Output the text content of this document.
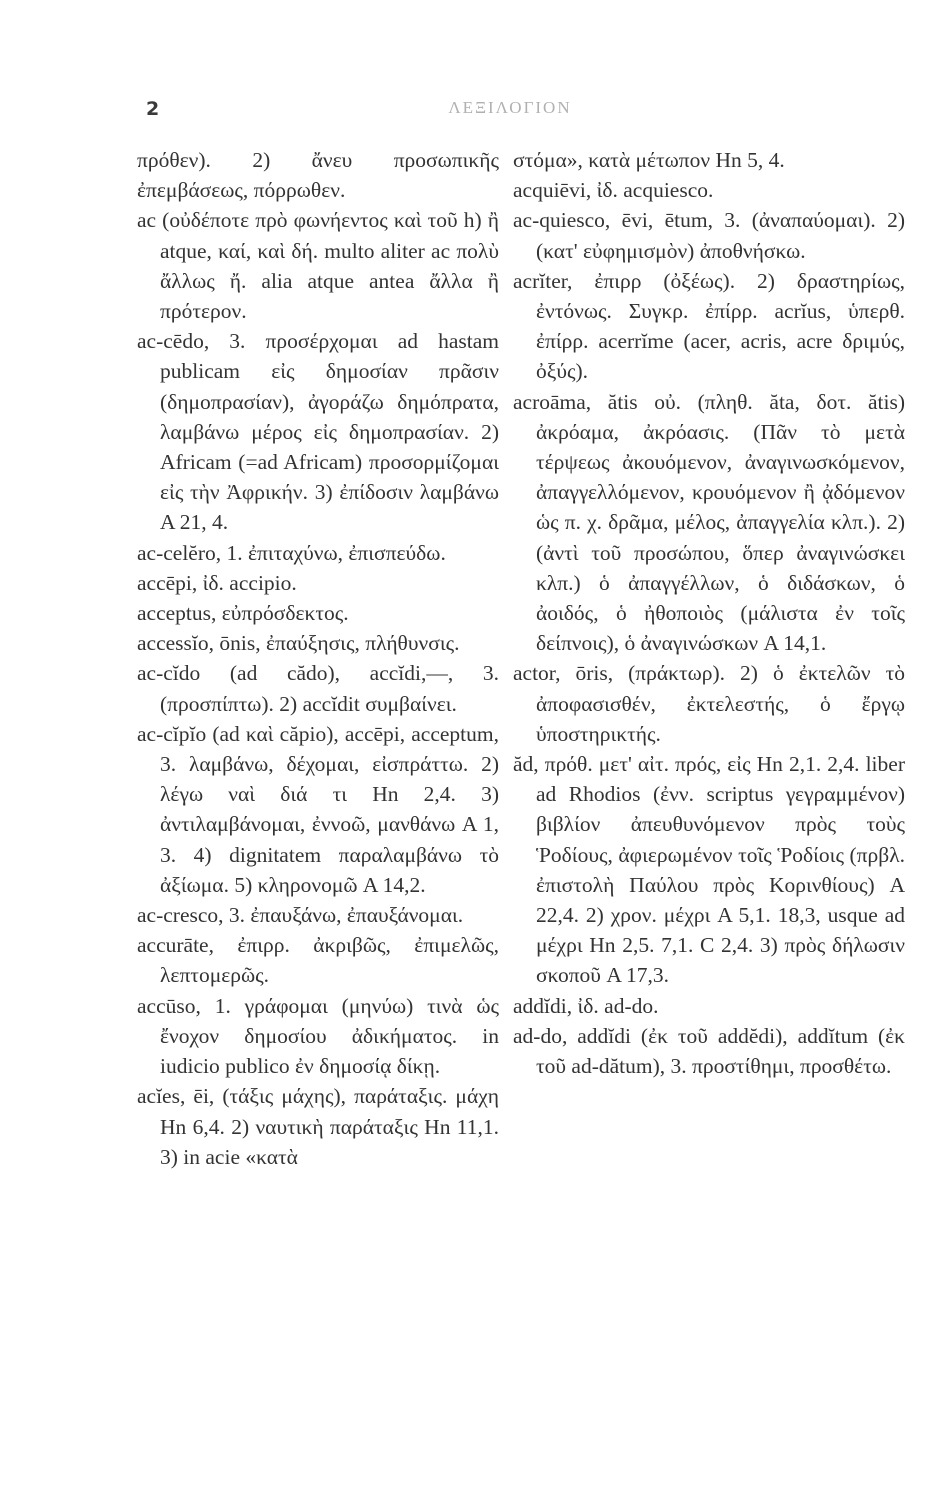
2	ΛΕΞΙΛΟΓΙΟΝ

πρόθεν). 2) ἄνευ προσωπικῆς ἐπεμβάσεως, πόρρωθεν.

ac (οὐδέποτε πρὸ φωνήεντος καὶ τοῦ h) ἢ atque, καί, καὶ δή. multo aliter ac πολὺ ἄλλως ἤ. alia atque antea ἄλλα ἢ πρότερον.

ac-cēdo, 3. προσέρχομαι ad hastam publicam εἰς δημοσίαν πρᾶσιν (δημοπρασίαν), ἀγοράζω δημόπρατα, λαμβάνω μέρος εἰς δημοπρασίαν. 2) Africam (=ad Africam) προσορμίζομαι εἰς τὴν Ἀφρικήν. 3) ἐπίδοσιν λαμβάνω A 21, 4.

ac-celĕro, 1. ἐπιταχύνω, ἐπισπεύδω.

accēpi, ἰδ. accipio.

acceptus, εὐπρόσδεκτος.

accessĭo, ōnis, ἐπαύξησις, πλήθυνσις.

ac-cĭdo (ad cădo), accĭdi,—, 3. (προσπίπτω). 2) accĭdit συμβαίνει.

ac-cĭpĭo (ad καὶ căpio), accēpi, acceptum, 3. λαμβάνω, δέχομαι, εἰσπράττω. 2) λέγω ναὶ διά τι Hn 2,4. 3) ἀντιλαμβάνομαι, ἐννοῶ, μανθάνω A 1, 3. 4) dignitatem παραλαμβάνω τὸ ἀξίωμα. 5) κληρονομῶ A 14,2.

ac-cresco, 3. ἐπαυξάνω, ἐπαυξάνομαι.

accurāte, ἐπιρρ. ἀκριβῶς, ἐπιμελῶς, λεπτομερῶς.

accūso, 1. γράφομαι (μηνύω) τινὰ ὡς ἔνοχον δημοσίου ἀδικήματος. in iudicio publico ἐν δημοσίᾳ δίκῃ.

acĭes, ēi, (τάξις μάχης), παράταξις. μάχη Hn 6,4. 2) ναυτικὴ παράταξις Hn 11,1. 3) in acie «κατὰ

στόμα», κατὰ μέτωπον Hn 5, 4.

acquiēvi, ἰδ. acquiesco.

ac-quiesco, ēvi, ētum, 3. (ἀναπαύομαι). 2) (κατ' εὐφημισμὸν) ἀποθνήσκω.

acrĭter, ἐπιρρ (ὀξέως). 2) δραστηρίως, ἐντόνως. Συγκρ. ἐπίρρ. acrĭus, ὑπερθ. ἐπίρρ. acerrĭme (acer, acris, acre δριμύς, ὀξύς).

acroāma, ătis οὐ. (πληθ. ăta, δοτ. ătis) ἀκρόαμα, ἀκρόασις. (Πᾶν τὸ μετὰ τέρψεως ἀκουόμενον, ἀναγινωσκόμενον, ἀπαγγελλόμενον, κρουόμενον ἢ ᾀδόμενον ὡς π. χ. δρᾶμα, μέλος, ἀπαγγελία κλπ.). 2) (ἀντὶ τοῦ προσώπου, ὅπερ ἀναγινώσκει κλπ.) ὁ ἀπαγγέλλων, ὁ διδάσκων, ὁ ἀοιδός, ὁ ἠθοποιὸς (μάλιστα ἐν τοῖς δείπνοις), ὁ ἀναγινώσκων A 14,1.

actor, ōris, (πράκτωρ). 2) ὁ ἐκτελῶν τὸ ἀποφασισθέν, ἐκτελεστής, ὁ ἔργῳ ὑποστηρικτής.

ăd, πρόθ. μετ' αἰτ. πρός, εἰς Hn 2,1. 2,4. liber ad Rhodios (ἐνν. scriptus γεγραμμένον) βιβλίον ἀπευθυνόμενον πρὸς τοὺς Ῥοδίους, ἀφιερωμένον τοῖς Ῥοδίοις (πρβλ. ἐπιστολὴ Παύλου πρὸς Κορινθίους) A 22,4. 2) χρον. μέχρι A 5,1. 18,3, usque ad μέχρι Hn 2,5. 7,1. C 2,4. 3) πρὸς δήλωσιν σκοποῦ A 17,3.

addĭdi, ἰδ. ad-do.

ad-do, addĭdi (ἐκ τοῦ addĕdi), addĭtum (ἐκ τοῦ ad-dătum), 3. προστίθημι, προσθέτω.
